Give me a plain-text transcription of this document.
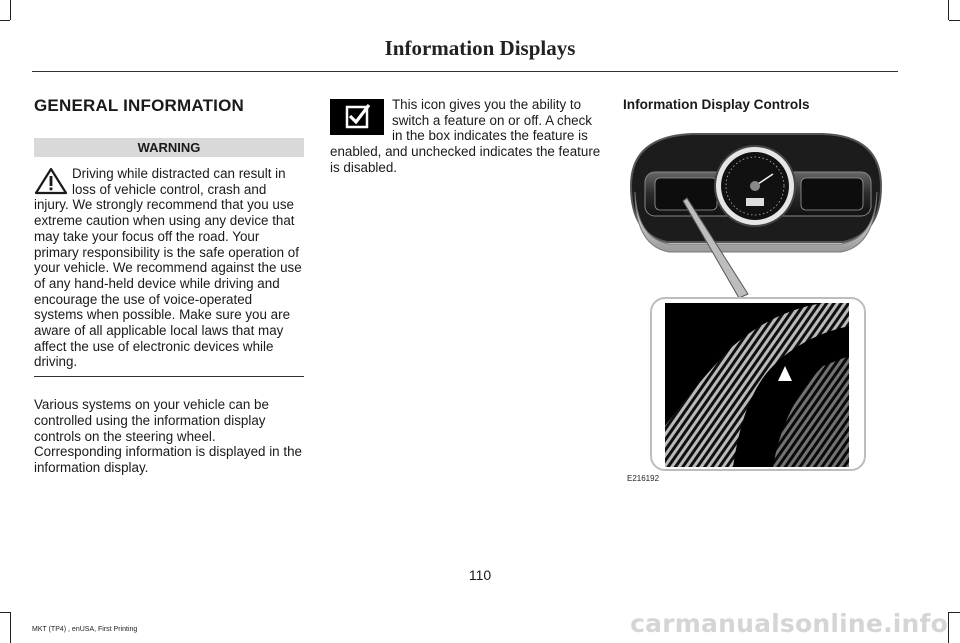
Information Displays
GENERAL INFORMATION
WARNING
Driving while distracted can result in loss of vehicle control, crash and injury. We strongly recommend that you use extreme caution when using any device that may take your focus off the road. Your primary responsibility is the safe operation of your vehicle. We recommend against the use of any hand-held device while driving and encourage the use of voice-operated systems when possible. Make sure you are aware of all applicable local laws that may affect the use of electronic devices while driving.
Various systems on your vehicle can be controlled using the information display controls on the steering wheel. Corresponding information is displayed in the information display.
This icon gives you the ability to switch a feature on or off. A check in the box indicates the feature is enabled, and unchecked indicates the feature is disabled.
Information Display Controls
E216192
110
MKT (TP4) , enUSA, First Printing	carmanualsonline.info
